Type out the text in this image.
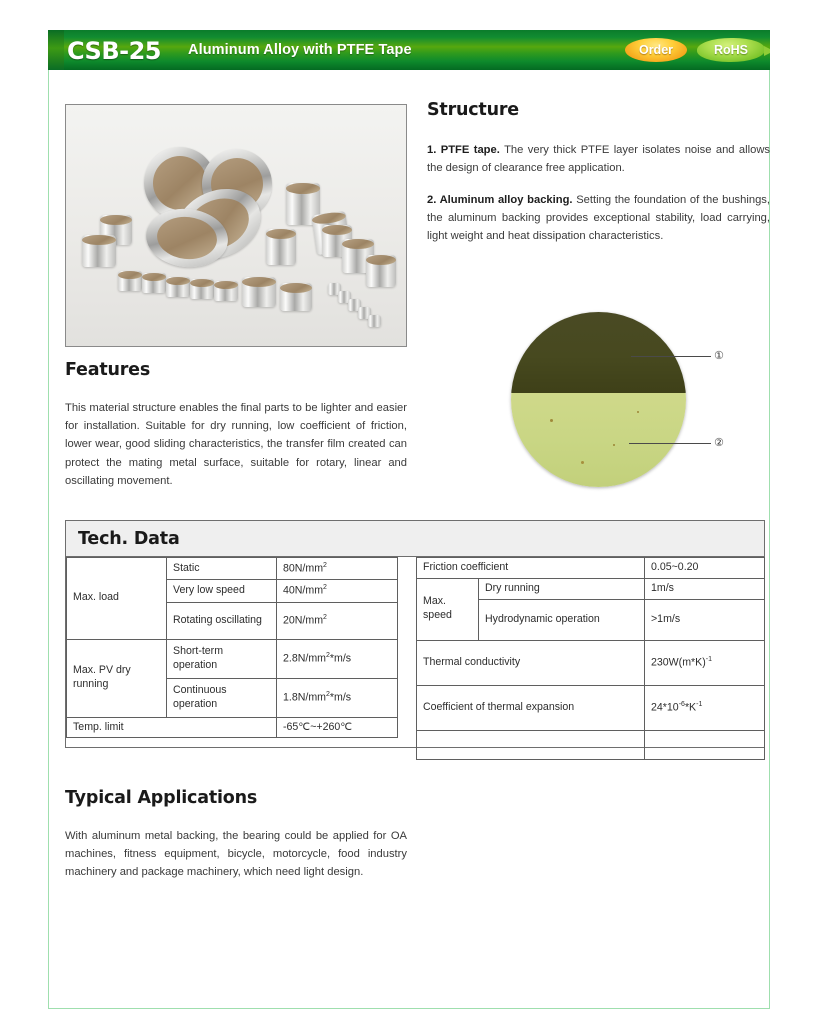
CSB-25 Aluminum Alloy with PTFE Tape	Order	RoHS
Structure

1. PTFE tape. The very thick PTFE layer isolates noise and allows the design of clearance free application.

2. Aluminum alloy backing. Setting the foundation of the bushings, the aluminum backing provides exceptional stability, load carrying, light weight and heat dissipation characteristics.

Features

This material structure enables the final parts to be lighter and easier for installation. Suitable for dry running, low coefficient of friction, lower wear, good sliding characteristics, the transfer film created can protect the mating metal surface, suitable for rotary, linear and oscillating movement.

①
②
Tech. Data
Max. load	Static	$80N/mm^2$
	Very low speed	$40N/mm^2$
	Rotating oscillating	$20N/mm^2$
Max. PV dry running	Short-term operation	$2.8N/mm^2*m/s$
	Continuous operation	$1.8N/mm^2*m/s$
Temp. limit		-65℃~+260℃
Friction coefficient		0.05~0.20
Max. speed	Dry running	1m/s
	Hydrodynamic operation	>1m/s
Thermal conductivity		$230W(m*K)^{-1}$
Coefficient of thermal expansion		$24*10^{-6}*K^{-1}$

Typical Applications

With aluminum metal backing, the bearing could be applied for OA machines, fitness equipment, bicycle, motorcycle, food industry machinery and package machinery, which need light design.
